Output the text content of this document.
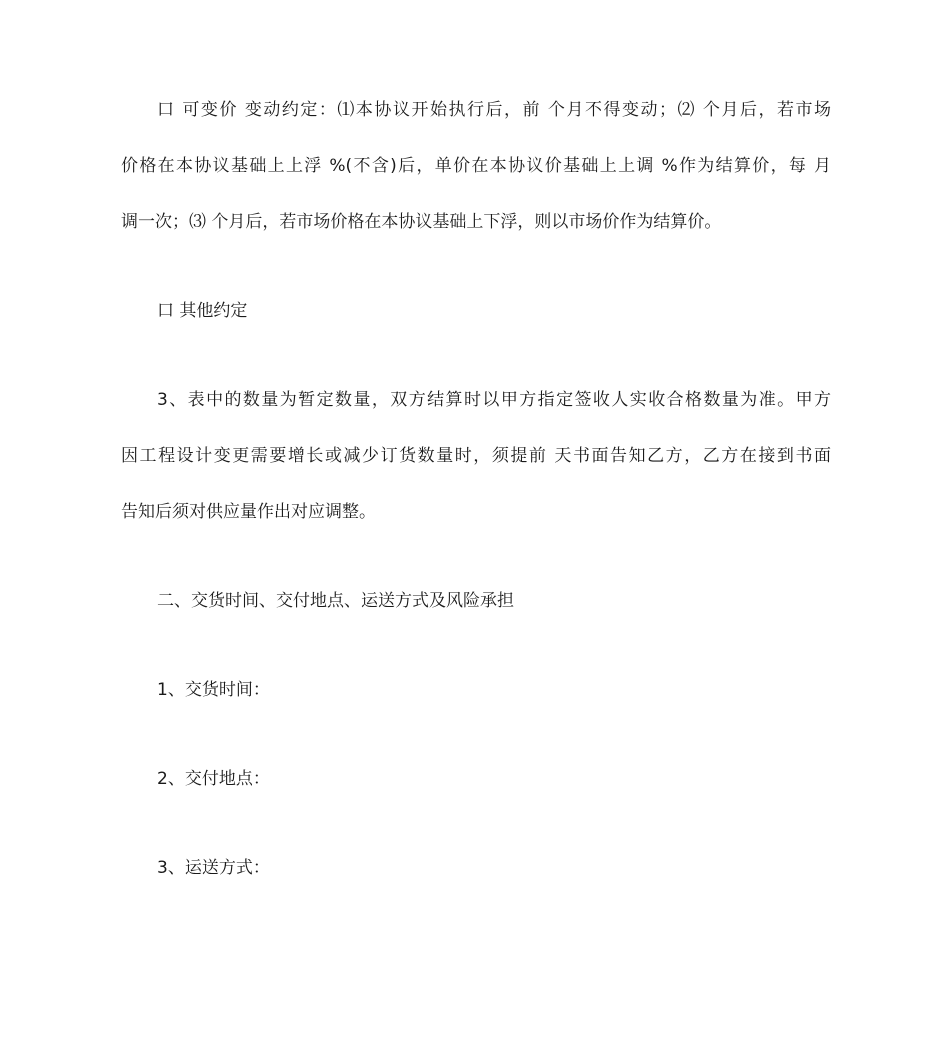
口 可变价 变动约定：⑴本协议开始执行后，前 个月不得变动；⑵ 个月后，若市场
价格在本协议基础上上浮 %(不含)后，单价在本协议价基础上上调 %作为结算价，每 月
调一次；⑶ 个月后，若市场价格在本协议基础上下浮，则以市场价作为结算价。
口 其他约定
3、表中的数量为暂定数量，双方结算时以甲方指定签收人实收合格数量为准。甲方
因工程设计变更需要增长或减少订货数量时，须提前 天书面告知乙方，乙方在接到书面
告知后须对供应量作出对应调整。
二、交货时间、交付地点、运送方式及风险承担
1、交货时间：
2、交付地点：
3、运送方式：
